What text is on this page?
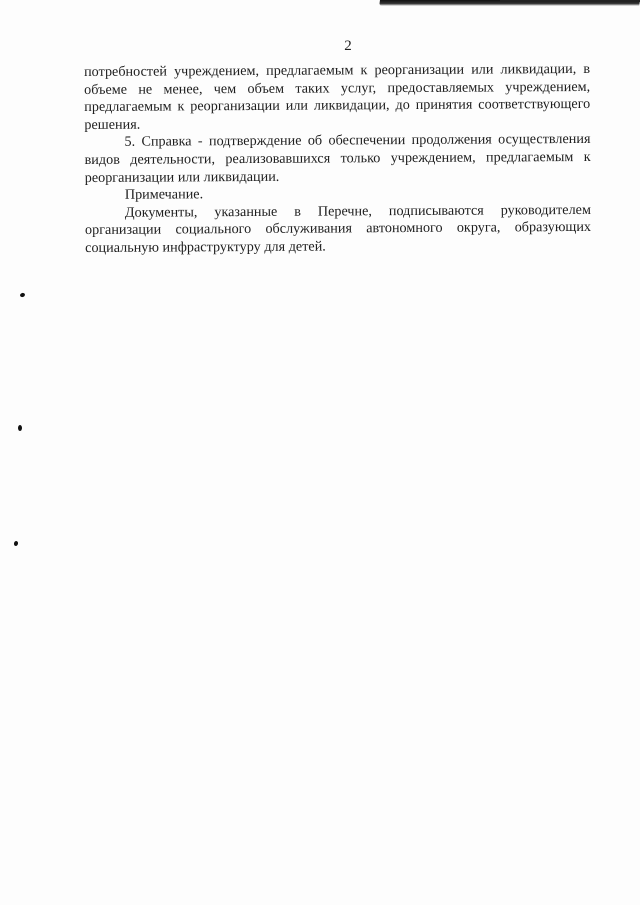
2

потребностей учреждением, предлагаемым к реорганизации или ликвидации, в объеме не менее, чем объем таких услуг, предоставляемых учреждением, предлагаемым к реорганизации или ликвидации, до принятия соответствующего решения.

5. Справка - подтверждение об обеспечении продолжения осуществления видов деятельности, реализовавшихся только учреждением, предлагаемым к реорганизации или ликвидации.

Примечание.

Документы, указанные в Перечне, подписываются руководителем организации социального обслуживания автономного округа, образующих социальную инфраструктуру для детей.
